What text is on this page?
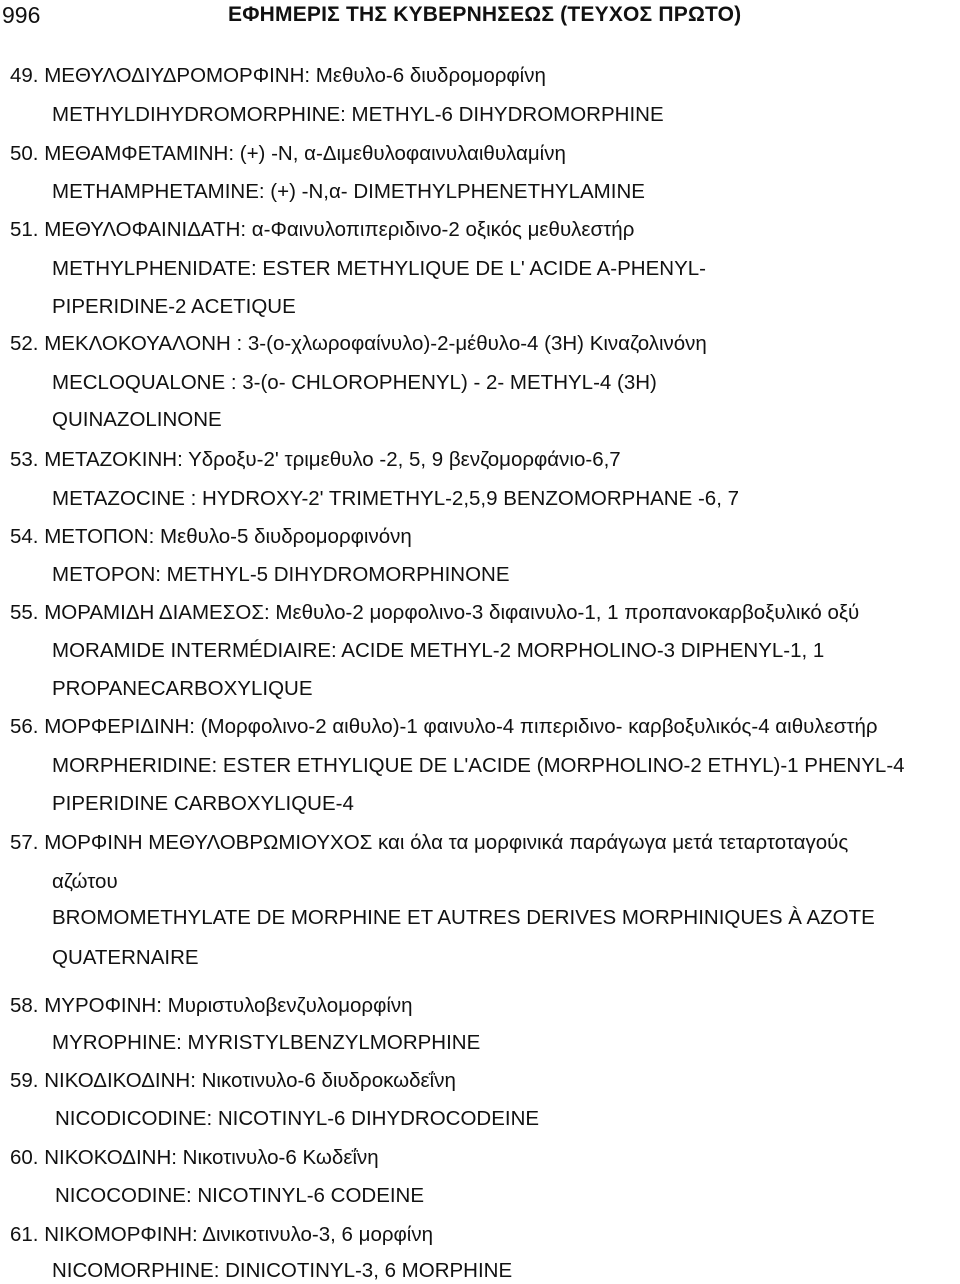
996	ΕΦΗΜΕΡΙΣ ΤΗΣ ΚΥΒΕΡΝΗΣΕΩΣ (ΤΕΥΧΟΣ ΠΡΩΤΟ)
49. ΜΕΘΥΛΟΔΙΥΔΡΟΜΟΡΦΙΝΗ: Μεθυλο-6 διυδρομορφίνη
METHYLDIHYDROMORPHINE: METHYL-6 DIHYDROMORPHINE
50. ΜΕΘΑΜΦΕΤΑΜΙΝΗ: (+) -Ν, α-Διμεθυλοφαινυλαιθυλαμίνη
METHAMPHETAMINE: (+) -N,α- DIMETHYLPHENETHYLAMINE
51. ΜΕΘΥΛΟΦΑΙΝΙΔΑΤΗ: α-Φαινυλοπιπεριδινο-2 οξικός μεθυλεστήρ
METHYLPHENIDATE: ESTER METHYLIQUE DE L' ACIDE A-PHENYL-
PIPERIDINE-2 ACETIQUE
52. ΜΕΚΛΟΚΟΥΑΛΟΝΗ : 3-(ο-χλωροφαίνυλο)-2-μέθυλο-4 (3Η) Κιναζολινόνη
MECLOQUALONE : 3-(o- CHLOROPHENYL) - 2- METHYL-4 (3H)
QUINAZOLINONE
53. ΜΕΤΑΖΟΚΙΝΗ: Υδροξυ-2' τριμεθυλο -2, 5, 9 βενζομορφάνιο-6,7
METAZOCINE : HYDROXY-2' TRIMETHYL-2,5,9 BENZOMORPHANE -6, 7
54. ΜΕΤΟΠΟΝ: Μεθυλο-5 διυδρομορφινόνη
METOPON: METHYL-5 DIHYDROMORPHINONE
55. ΜΟΡΑΜΙΔΗ ΔΙΑΜΕΣΟΣ: Μεθυλο-2 μορφολινο-3 διφαινυλο-1, 1 προπανοκαρβοξυλικό οξύ
MORAMIDE INTERMÉDIAIRE: ACIDE METHYL-2 MORPHOLINO-3 DIPHENYL-1, 1
PROPANECARBOXYLIQUE
56. ΜΟΡΦΕΡΙΔΙΝΗ: (Μορφολινο-2 αιθυλο)-1 φαινυλο-4 πιπεριδινο- καρβοξυλικός-4 αιθυλεστήρ
MORPHERIDINE: ESTER ETHYLIQUE DE L'ACIDE (MORPHOLINO-2 ETHYL)-1 PHENYL-4
PIPERIDINE CARBOXYLIQUE-4
57. ΜΟΡΦΙΝΗ ΜΕΘΥΛΟΒΡΩΜΙΟΥΧΟΣ και όλα τα μορφινικά παράγωγα μετά τεταρτοταγούς
αζώτου
BROMOMETHYLATE DE MORPHINE ET AUTRES DERIVES MORPHINIQUES À AZOTE
QUATERNAIRE
58. ΜΥΡΟΦΙΝΗ: Μυριστυλοβενζυλομορφίνη
MYROPHINE: MYRISTYLBENZYLMORPHINE
59. ΝΙΚΟΔΙΚΟΔΙΝΗ: Νικοτινυλο-6 διυδροκωδεΐνη
NICODICODINE: NICOTINYL-6 DIHYDROCODEINE
60. ΝΙΚΟΚΟΔΙΝΗ: Νικοτινυλο-6 Κωδεΐνη
NICOCODINE: NICOTINYL-6 CODEINE
61. ΝΙΚΟΜΟΡΦΙΝΗ: Δινικοτινυλο-3, 6 μορφίνη
NICOMORPHINE: DINICOTINYL-3, 6 MORPHINE
